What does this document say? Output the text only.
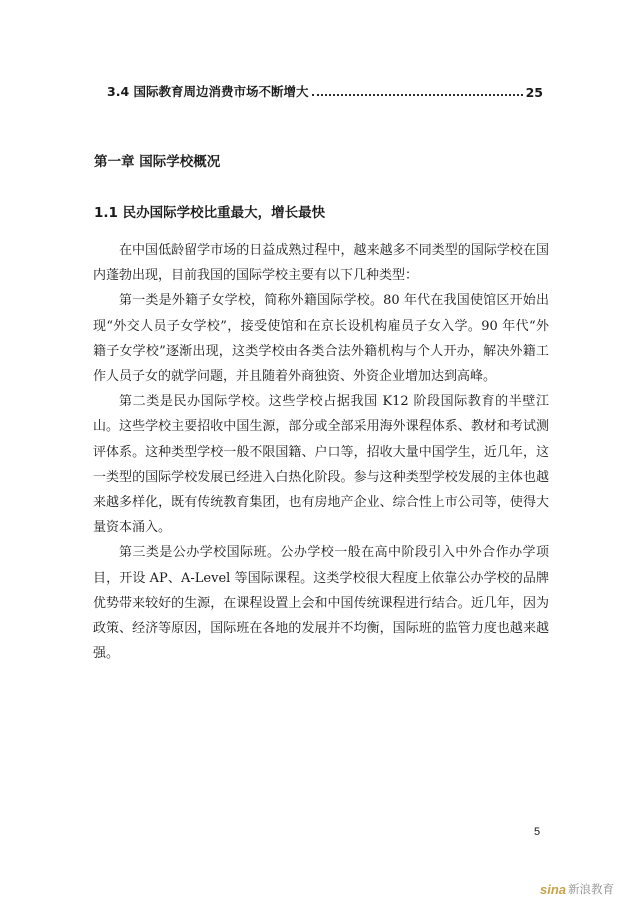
3.4 国际教育周边消费市场不断增大	25
第一章 国际学校概况
1.1 民办国际学校比重最大，增长最快

在中国低龄留学市场的日益成熟过程中，越来越多不同类型的国际学校在国内蓬勃出现，目前我国的国际学校主要有以下几种类型：

第一类是外籍子女学校，简称外籍国际学校。80 年代在我国使馆区开始出现“外交人员子女学校”，接受使馆和在京长设机构雇员子女入学。90 年代“外籍子女学校”逐渐出现，这类学校由各类合法外籍机构与个人开办，解决外籍工作人员子女的就学问题，并且随着外商独资、外资企业增加达到高峰。

第二类是民办国际学校。这些学校占据我国 K12 阶段国际教育的半壁江山。这些学校主要招收中国生源，部分或全部采用海外课程体系、教材和考试测评体系。这种类型学校一般不限国籍、户口等，招收大量中国学生，近几年，这一类型的国际学校发展已经进入白热化阶段。参与这种类型学校发展的主体也越来越多样化，既有传统教育集团，也有房地产企业、综合性上市公司等，使得大量资本涌入。

第三类是公办学校国际班。公办学校一般在高中阶段引入中外合作办学项目，开设 AP、A-Level 等国际课程。这类学校很大程度上依靠公办学校的品牌优势带来较好的生源，在课程设置上会和中国传统课程进行结合。近几年，因为政策、经济等原因，国际班在各地的发展并不均衡，国际班的监管力度也越来越强。

5
sina 新浪教育
